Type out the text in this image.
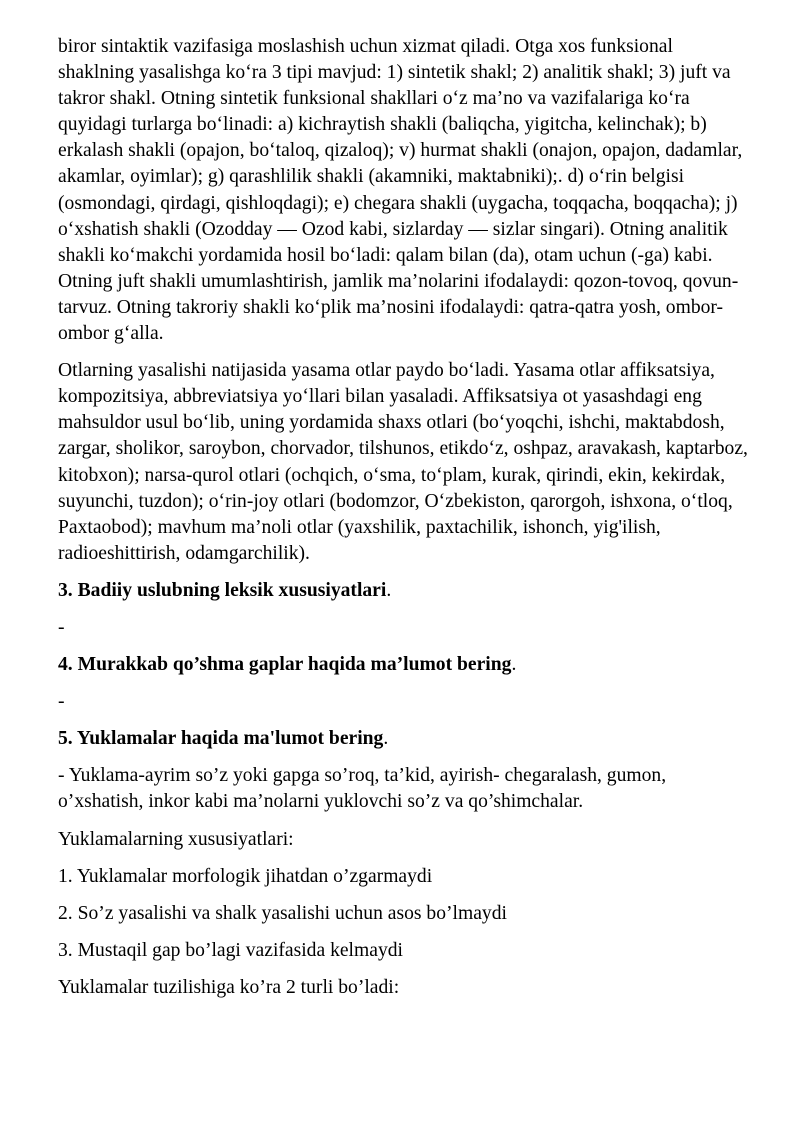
biror sintaktik vazifasiga moslashish uchun xizmat qiladi. Otga xos funksional shaklning yasalishga ko‘ra 3 tipi mavjud: 1) sintetik shakl; 2) analitik shakl; 3) juft va takror shakl. Otning sintetik funksional shakllari o‘z ma’no va vazifalariga ko‘ra quyidagi turlarga bo‘linadi: a) kichraytish shakli (baliqcha, yigitcha, kelinchak); b) erkalash shakli (opajon, bo‘taloq, qizaloq); v) hurmat shakli (onajon, opajon, dadamlar, akamlar, oyimlar); g) qarashlilik shakli (akamniki, maktabniki);. d) o‘rin belgisi (osmondagi, qirdagi, qishloqdagi); e) chegara shakli (uygacha, toqqacha, boqqacha); j) o‘xshatish shakli (Ozodday — Ozod kabi, sizlarday — sizlar singari). Otning analitik shakli ko‘makchi yordamida hosil bo‘ladi: qalam bilan (da), otam uchun (-ga) kabi. Otning juft shakli umumlashtirish, jamlik ma’nolarini ifodalaydi: qozon-tovoq, qovun-tarvuz. Otning takroriy shakli ko‘plik ma’nosini ifodalaydi: qatra-qatra yosh, ombor-ombor g‘alla.

Otlarning yasalishi natijasida yasama otlar paydo bo‘ladi. Yasama otlar affiksatsiya, kompozitsiya, abbreviatsiya yo‘llari bilan yasaladi. Affiksatsiya ot yasashdagi eng mahsuldor usul bo‘lib, uning yordamida shaxs otlari (bo‘yoqchi, ishchi, maktabdosh, zargar, sholikor, saroybon, chorvador, tilshunos, etikdo‘z, oshpaz, aravakash, kaptarboz, kitobxon); narsa-qurol otlari (ochqich, o‘sma, to‘plam, kurak, qirindi, ekin, kekirdak, suyunchi, tuzdon); o‘rin-joy otlari (bodomzor, O‘zbekiston, qarorgoh, ishxona, o‘tloq, Paxtaobod); mavhum ma’noli otlar (yaxshilik, paxtachilik, ishonch, yig'ilish, radioeshittirish, odamgarchilik).

3. Badiiy uslubning leksik xususiyatlari.

-

4. Murakkab qo’shma gaplar haqida ma’lumot bering.

-

5. Yuklamalar haqida ma'lumot bering.

- Yuklama-ayrim so’z yoki gapga so’roq, ta’kid, ayirish- chegaralash, gumon, o’xshatish, inkor kabi ma’nolarni yuklovchi so’z va qo’shimchalar.

Yuklamalarning xususiyatlari:

1. Yuklamalar morfologik jihatdan o’zgarmaydi

2. So’z yasalishi va shalk yasalishi uchun asos bo’lmaydi

3. Mustaqil gap bo’lagi vazifasida kelmaydi

Yuklamalar tuzilishiga ko’ra 2 turli bo’ladi:
